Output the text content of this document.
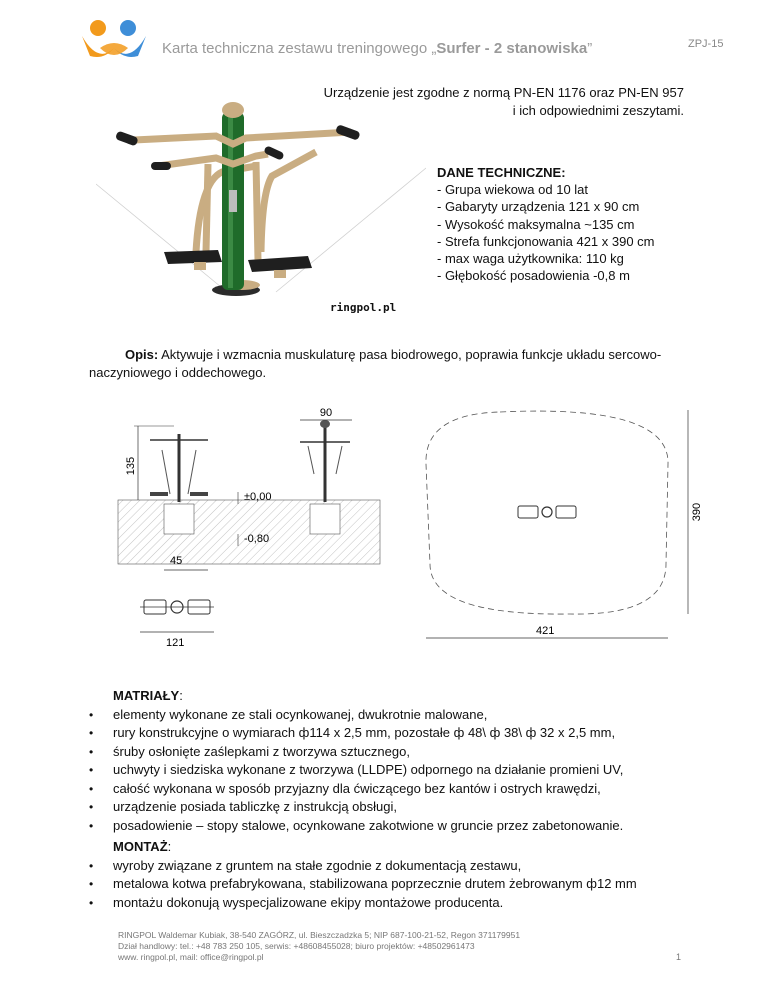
Karta techniczna zestawu treningowego „Surfer - 2 stanowiska”	ZPJ-15
Urządzenie jest zgodne z normą PN-EN 1176 oraz PN-EN 957
i ich odpowiednimi zeszytami.
ringpol.pl
DANE TECHNICZNE:
- Grupa wiekowa od 10 lat
- Gabaryty urządzenia 121 x 90 cm
- Wysokość maksymalna ~135 cm
- Strefa funkcjonowania 421 x 390 cm
- max waga użytkownika: 110 kg
- Głębokość posadowienia -0,8 m
Opis: Aktywuje i wzmacnia muskulaturę pasa biodrowego, poprawia funkcje układu sercowo-naczyniowego i oddechowego.
135
90
±0,00
-0,80
45
121
421
390
MATRIAŁY:
• elementy wykonane ze stali ocynkowanej, dwukrotnie malowane,
• rury konstrukcyjne o wymiarach ф114 x 2,5 mm, pozostałe ф 48\ ф 38\ ф 32 x 2,5 mm,
• śruby osłonięte zaślepkami z tworzywa sztucznego,
• uchwyty i siedziska wykonane z tworzywa (LLDPE) odpornego na działanie promieni UV,
• całość wykonana w sposób przyjazny dla ćwiczącego bez kantów i ostrych krawędzi,
• urządzenie posiada tabliczkę z instrukcją obsługi,
• posadowienie – stopy stalowe, ocynkowane zakotwione w gruncie przez zabetonowanie.
MONTAŻ:
• wyroby związane z gruntem na stałe zgodnie z dokumentacją zestawu,
• metalowa kotwa prefabrykowana, stabilizowana poprzecznie drutem żebrowanym ф12 mm
• montażu dokonują wyspecjalizowane ekipy montażowe producenta.
RINGPOL Waldemar Kubiak, 38-540 ZAGÓRZ, ul. Bieszczadzka 5; NIP 687-100-21-52, Regon 371179951
Dział handlowy: tel.: +48 783 250 105, serwis: +48608455028; biuro projektów: +48502961473
www. ringpol.pl, mail: office@ringpol.pl	1
